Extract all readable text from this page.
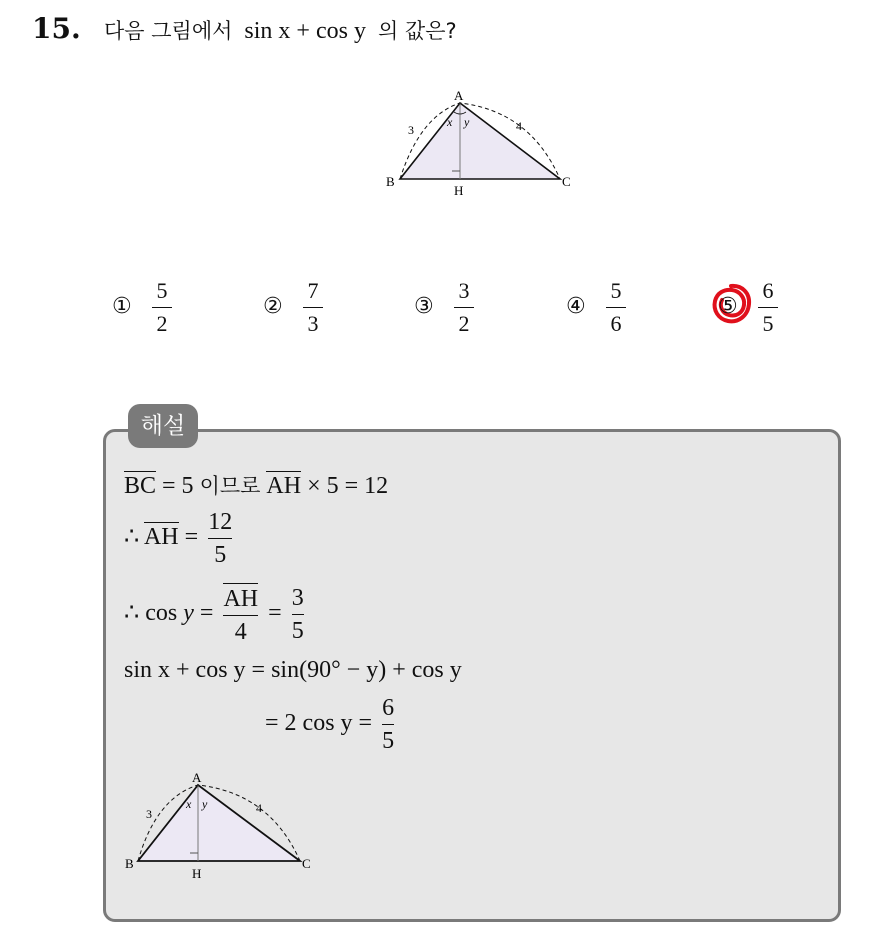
15. 다음 그림에서 sin x + cos y 의 값은?
A
B	C
H
3	4
x y
①
5
2
②
7
3
③
3
2
④
5
6
⑤
6
5
해설
BC = 5 이므로 AH × 5 = 12
∴ AH = $\frac{12}{5}$
∴ $\cos y = \frac{AH}{4} = \frac{3}{5}$
sin x + cos y = sin(90° − y) + cos y
= 2 $\cos y = \frac{6}{5}$
A
B	C
H
3	4
x y
